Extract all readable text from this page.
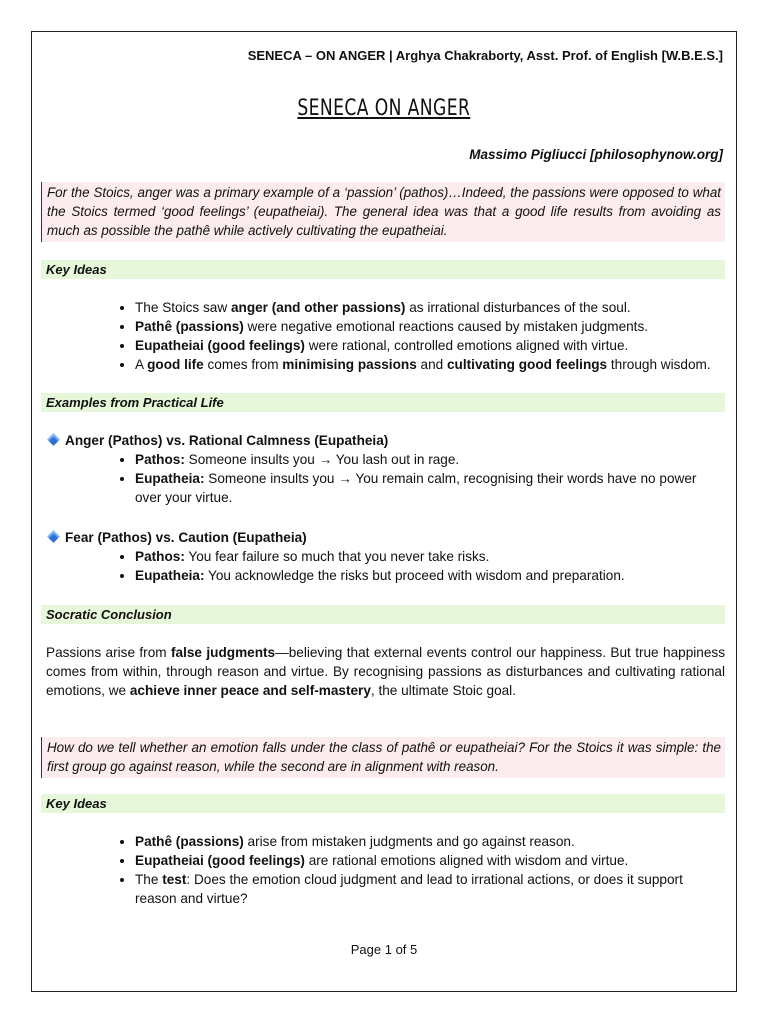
SENECA – ON ANGER | Arghya Chakraborty, Asst. Prof. of English [W.B.E.S.]
SENECA ON ANGER
Massimo Pigliucci [philosophynow.org]
For the Stoics, anger was a primary example of a ‘passion’ (pathos)…Indeed, the passions were opposed to what the Stoics termed ‘good feelings’ (eupatheiai). The general idea was that a good life results from avoiding as much as possible the pathê while actively cultivating the eupatheiai.
Key Ideas
• The Stoics saw anger (and other passions) as irrational disturbances of the soul.
• Pathê (passions) were negative emotional reactions caused by mistaken judgments.
• Eupatheiai (good feelings) were rational, controlled emotions aligned with virtue.
• A good life comes from minimising passions and cultivating good feelings through wisdom.
Examples from Practical Life
Anger (Pathos) vs. Rational Calmness (Eupatheia)
• Pathos: Someone insults you → You lash out in rage.
• Eupatheia: Someone insults you → You remain calm, recognising their words have no power over your virtue.
Fear (Pathos) vs. Caution (Eupatheia)
• Pathos: You fear failure so much that you never take risks.
• Eupatheia: You acknowledge the risks but proceed with wisdom and preparation.
Socratic Conclusion
Passions arise from false judgments—believing that external events control our happiness. But true happiness comes from within, through reason and virtue. By recognising passions as disturbances and cultivating rational emotions, we achieve inner peace and self-mastery, the ultimate Stoic goal.
How do we tell whether an emotion falls under the class of pathê or eupatheiai? For the Stoics it was simple: the first group go against reason, while the second are in alignment with reason.
Key Ideas
• Pathê (passions) arise from mistaken judgments and go against reason.
• Eupatheiai (good feelings) are rational emotions aligned with wisdom and virtue.
• The test: Does the emotion cloud judgment and lead to irrational actions, or does it support reason and virtue?
Page 1 of 5
